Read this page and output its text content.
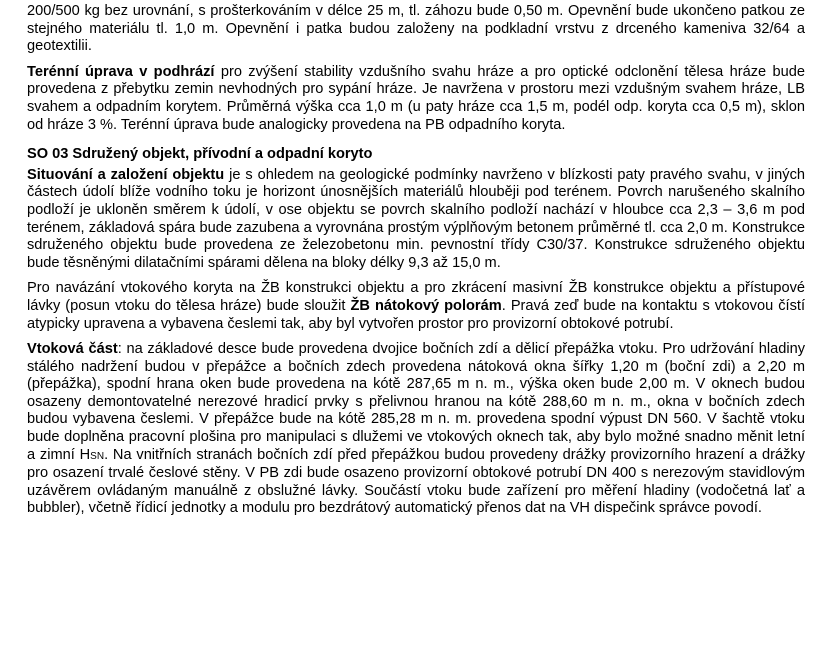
200/500 kg bez urovnání, s prošterkováním v délce 25 m, tl. záhozu bude 0,50 m. Opevnění bude ukončeno patkou ze stejného materiálu tl. 1,0 m. Opevnění i patka budou založeny na podkladní vrstvu z drceného kameniva 32/64 a geotextilii.

Terénní úprava v podhrází pro zvýšení stability vzdušního svahu hráze a pro optické odclonění tělesa hráze bude provedena z přebytku zemin nevhodných pro sypání hráze. Je navržena v prostoru mezi vzdušným svahem hráze, LB svahem a odpadním korytem. Průměrná výška cca 1,0 m (u paty hráze cca 1,5 m, podél odp. koryta cca 0,5 m), sklon od hráze 3 %. Terénní úprava bude analogicky provedena na PB odpadního koryta.

SO 03 Sdružený objekt, přívodní a odpadní koryto

Situování a založení objektu je s ohledem na geologické podmínky navrženo v blízkosti paty pravého svahu, v jiných částech údolí blíže vodního toku je horizont únosnějších materiálů hlouběji pod terénem. Povrch narušeného skalního podloží je ukloněn směrem k údolí, v ose objektu se povrch skalního podloží nachází v hloubce cca 2,3 – 3,6 m pod terénem, základová spára bude zazubena a vyrovnána prostým výplňovým betonem průměrné tl. cca 2,0 m. Konstrukce sdruženého objektu bude provedena ze železobetonu min. pevnostní třídy C30/37. Konstrukce sdruženého objektu bude těsněnými dilatačními spárami dělena na bloky délky 9,3 až 15,0 m.

Pro navázání vtokového koryta na ŽB konstrukci objektu a pro zkrácení masivní ŽB konstrukce objektu a přístupové lávky (posun vtoku do tělesa hráze) bude sloužit ŽB nátokový polorám. Pravá zeď bude na kontaktu s vtokovou čístí atypicky upravena a vybavena česlemi tak, aby byl vytvořen prostor pro provizorní obtokové potrubí.

Vtoková část: na základové desce bude provedena dvojice bočních zdí a dělicí přepážka vtoku. Pro udržování hladiny stálého nadržení budou v přepážce a bočních zdech provedena nátoková okna šířky 1,20 m (boční zdi) a 2,20 m (přepážka), spodní hrana oken bude provedena na kótě 287,65 m n. m., výška oken bude 2,00 m. V oknech budou osazeny demontovatelné nerezové hradicí prvky s přelivnou hranou na kótě 288,60 m n. m., okna v bočních zdech budou vybavena česlemi. V přepážce bude na kótě 285,28 m n. m. provedena spodní výpust DN 560. V šachtě vtoku bude doplněna pracovní plošina pro manipulaci s dlužemi ve vtokových oknech tak, aby bylo možné snadno měnit letní a zimní HSN. Na vnitřních stranách bočních zdí před přepážkou budou provedeny drážky provizorního hrazení a drážky pro osazení trvalé česlové stěny. V PB zdi bude osazeno provizorní obtokové potrubí DN 400 s nerezovým stavidlovým uzávěrem ovládaným manuálně z obslužné lávky. Součástí vtoku bude zařízení pro měření hladiny (vodočetná lať a bubbler), včetně řídicí jednotky a modulu pro bezdrátový automatický přenos dat na VH dispečink správce povodí.
